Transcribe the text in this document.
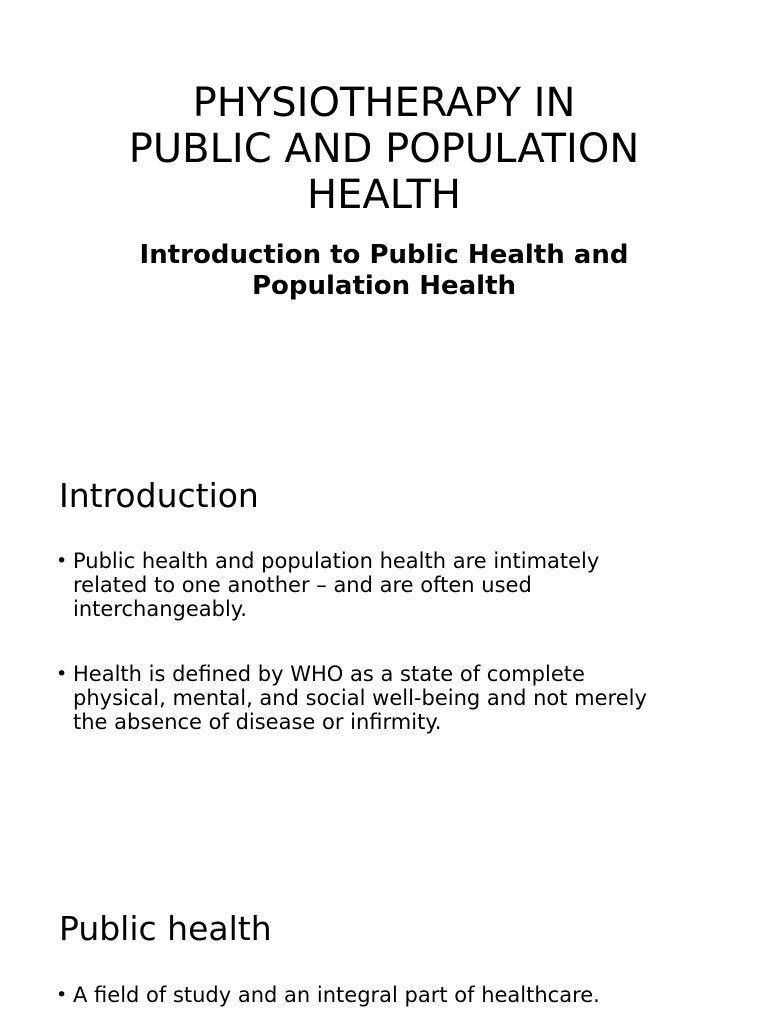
PHYSIOTHERAPY IN
PUBLIC AND POPULATION
HEALTH
Introduction to Public Health and
Population Health
Introduction
• Public health and population health are intimately
related to one another – and are often used
interchangeably.
• Health is defined by WHO as a state of complete
physical, mental, and social well-being and not merely
the absence of disease or infirmity.
Public health
• A field of study and an integral part of healthcare.
